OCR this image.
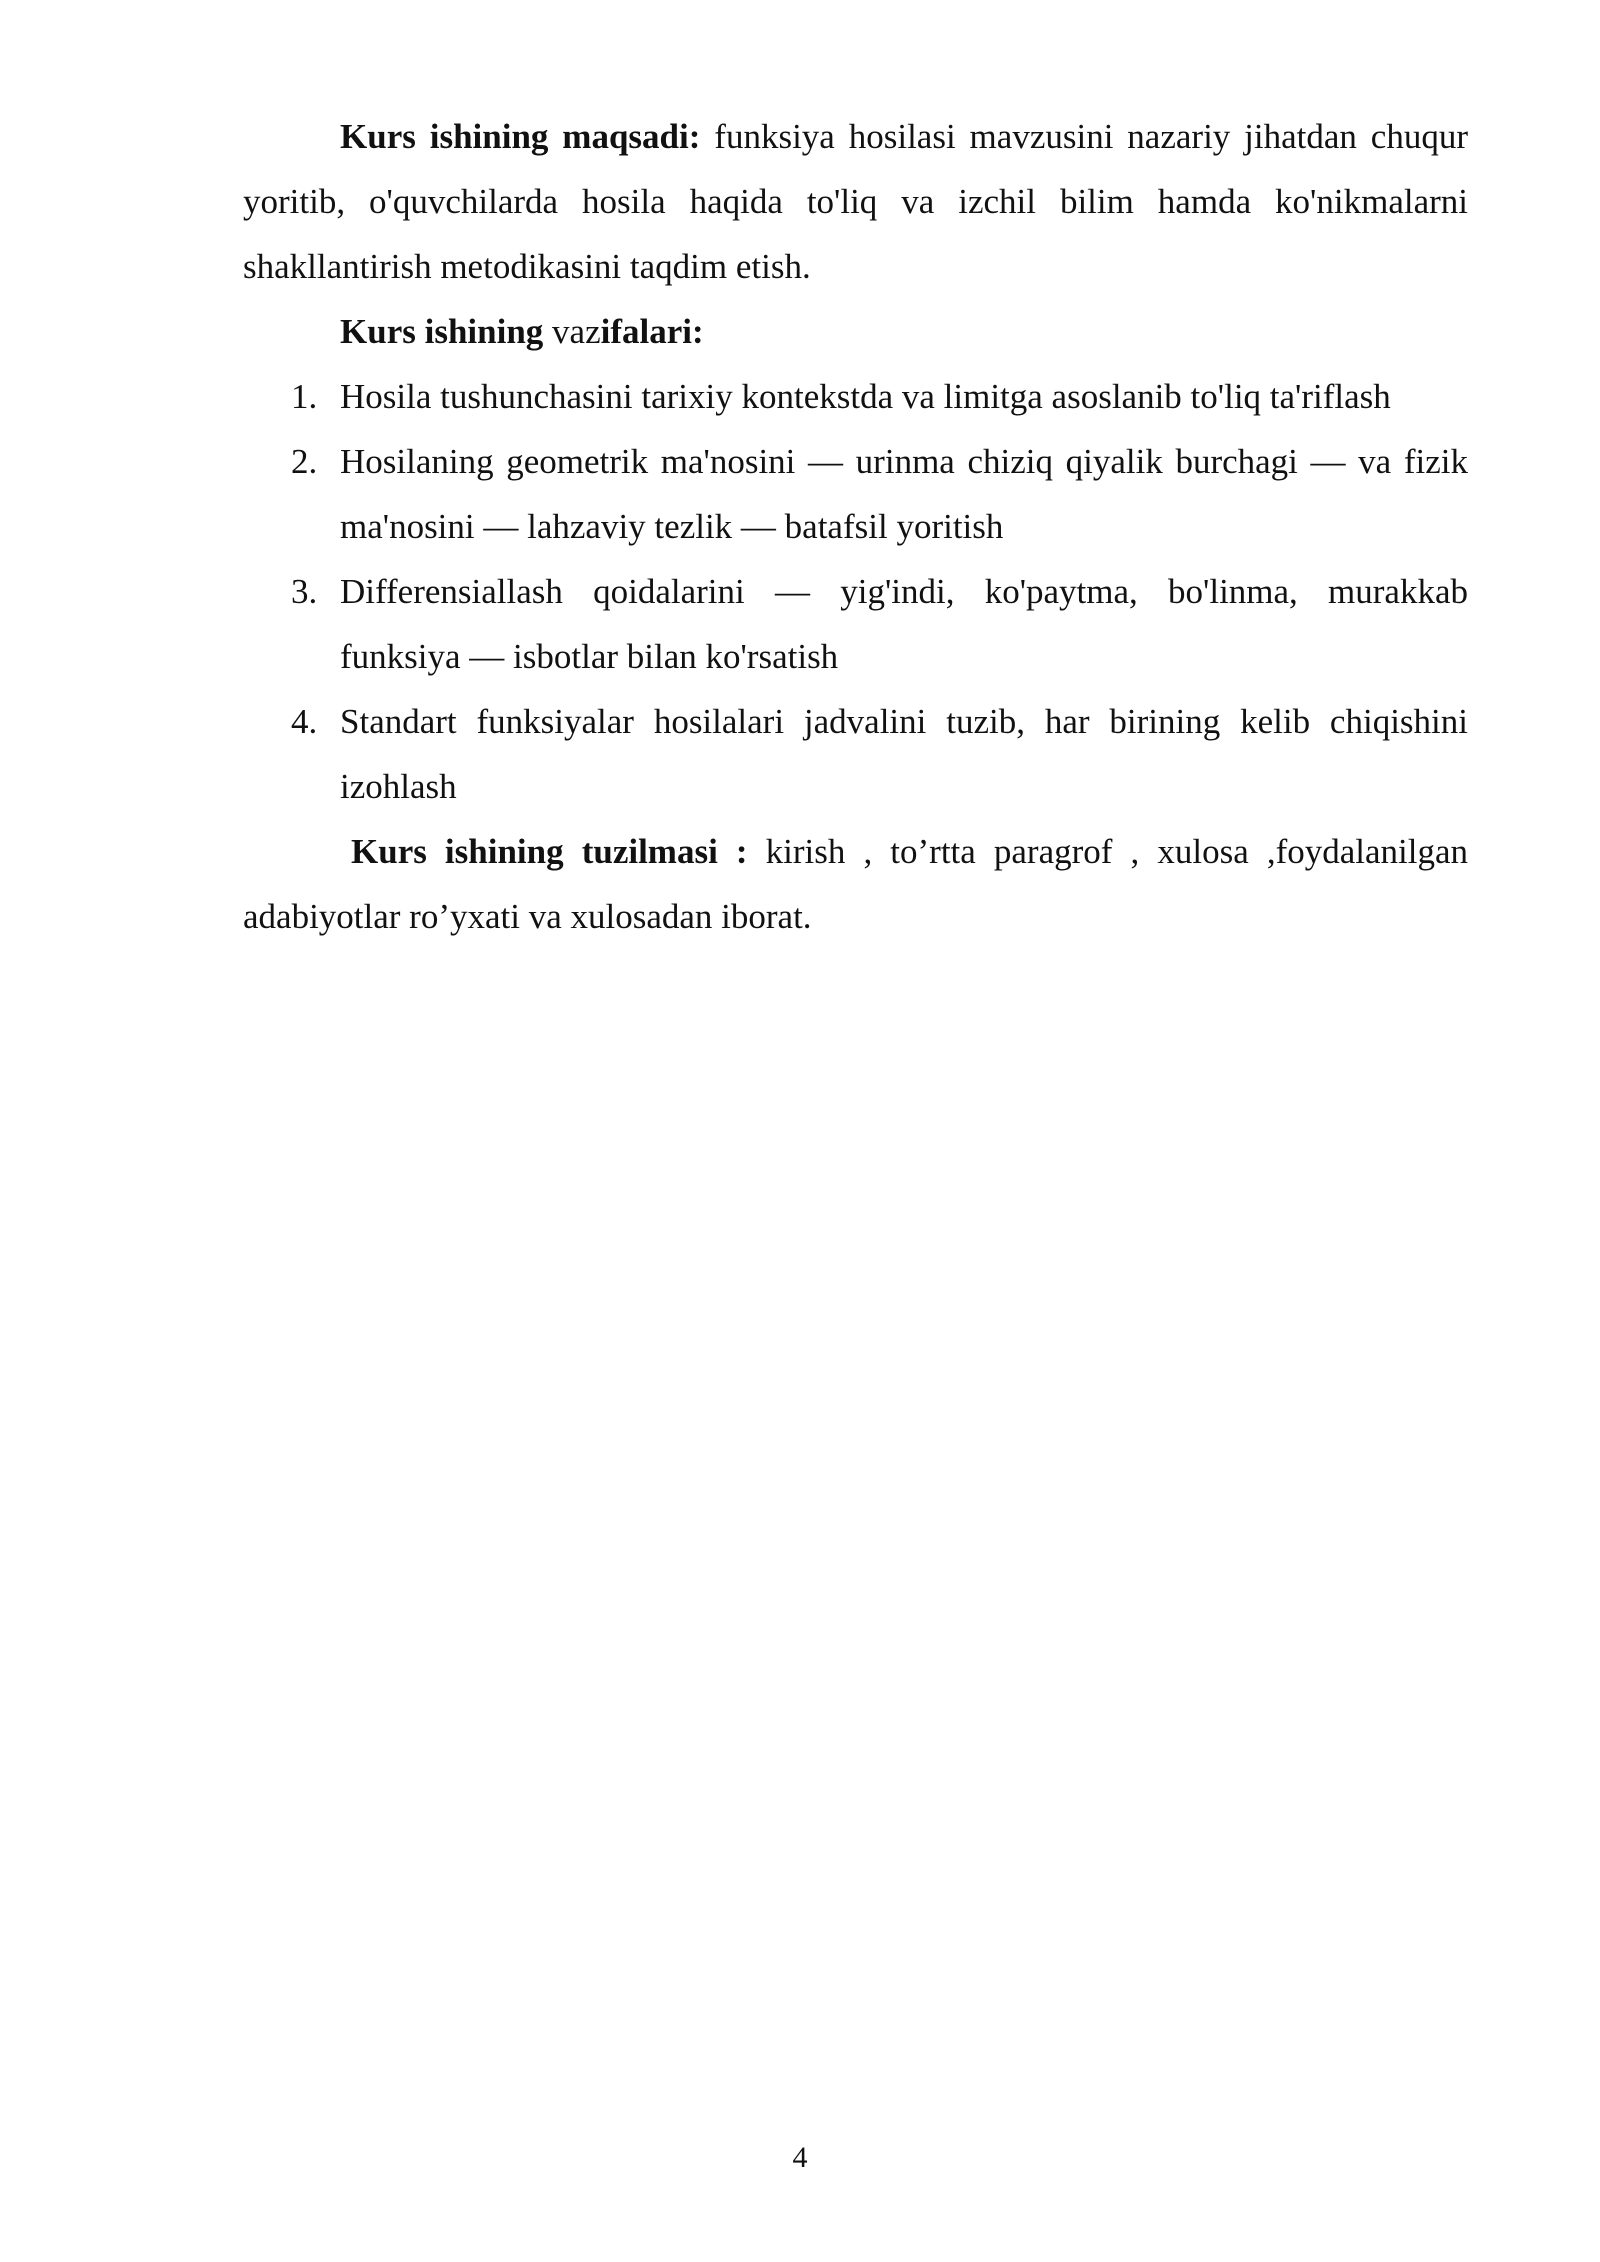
Kurs ishining maqsadi: funksiya hosilasi mavzusini nazariy jihatdan chuqur yoritib, o'quvchilarda hosila haqida to'liq va izchil bilim hamda ko'nikmalarni shakllantirish metodikasini taqdim etish.

Kurs ishining vazifalari:

1. Hosila tushunchasini tarixiy kontekstda va limitga asoslanib to'liq ta'riflash
2. Hosilaning geometrik ma'nosini — urinma chiziq qiyalik burchagi — va fizik ma'nosini — lahzaviy tezlik — batafsil yoritish
3. Differensiallash qoidalarini — yig'indi, ko'paytma, bo'linma, murakkab funksiya — isbotlar bilan ko'rsatish
4. Standart funksiyalar hosilalari jadvalini tuzib, har birining kelib chiqishini izohlash

Kurs ishining tuzilmasi : kirish , to’rtta paragrof , xulosa ,foydalanilgan adabiyotlar ro’yxati va xulosadan iborat.

4
